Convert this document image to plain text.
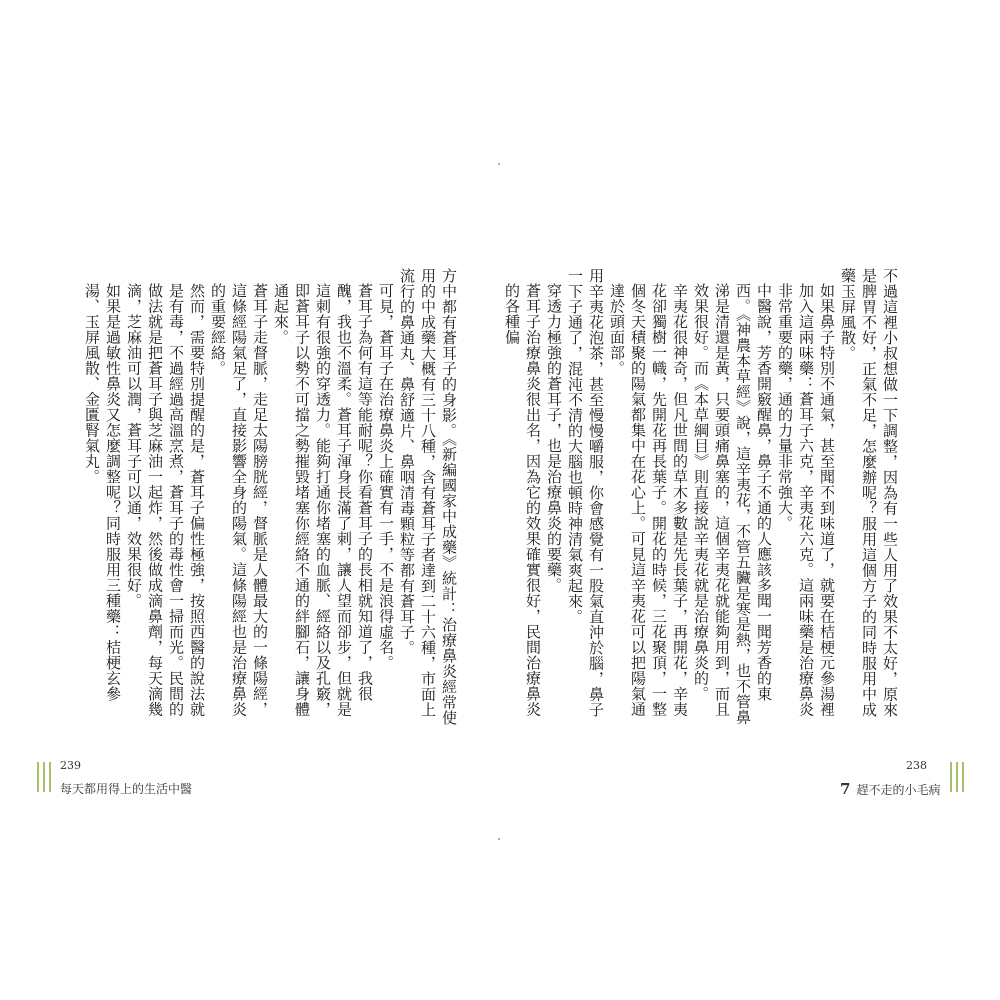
方中都有蒼耳子的身影。《新編國家中成藥》統計：治療鼻炎經常使用的中成藥大概有三十八種，含有蒼耳子者達到二十六種，市面上流行的鼻通丸、鼻舒適片、鼻咽清毒顆粒等都有蒼耳子。

可見，蒼耳子在治療鼻炎上確實有一手，不是浪得虛名。

蒼耳子為何有這等能耐呢？你看蒼耳子的長相就知道了，我很醜，我也不溫柔。蒼耳子渾身長滿了刺，讓人望而卻步，但就是這刺有很強的穿透力。能夠打通你堵塞的血脈、經絡以及孔竅，即蒼耳子以勢不可擋之勢摧毀堵塞你經絡不通的絆腳石，讓身體通起來。

蒼耳子走督脈，走足太陽膀胱經，督脈是人體最大的一條陽經，這條經陽氣足了，直接影響全身的陽氣。這條陽經也是治療鼻炎的重要經絡。

然而，需要特別提醒的是，蒼耳子偏性極強，按照西醫的說法就是有毒，不過經過高溫烹煮，蒼耳子的毒性會一掃而光。民間的做法就是把蒼耳子與芝麻油一起炸，然後做成滴鼻劑，每天滴幾滴，芝麻油可以潤，蒼耳子可以通，效果很好。

如果是過敏性鼻炎又怎麼調整呢？同時服用三種藥：桔梗玄參湯、玉屏風散、金匱腎氣丸。

239
每天都用得上的生活中醫

不過這裡小叔想做一下調整，因為有一些人用了效果不太好，原來是脾胃不好，正氣不足，怎麼辦呢？服用這個方子的同時服用中成藥玉屏風散。

如果鼻子特別不通氣，甚至聞不到味道了，就要在桔梗元參湯裡加入這兩味藥：蒼耳子六克，辛夷花六克。這兩味藥是治療鼻炎非常重要的藥，通的力量非常強大。

中醫說，芳香開竅醒鼻，鼻子不通的人應該多聞一聞芳香的東西。《神農本草經》說，這辛夷花，不管五臟是寒是熱，也不管鼻涕是清還是黃，只要頭痛鼻塞的，這個辛夷花就能夠用到，而且效果很好。而《本草綱目》則直接說辛夷花就是治療鼻炎的。

辛夷花很神奇，但凡世間的草木多數是先長葉子，再開花，辛夷花卻獨樹一幟，先開花再長葉子。開花的時候，三花聚頂，一整個冬天積聚的陽氣都集中在花心上。可見這辛夷花可以把陽氣通達於頭面部。

用辛夷花泡茶，甚至慢慢嚼服，你會感覺有一股氣直沖於腦，鼻子一下子通了，混沌不清的大腦也頓時神清氣爽起來。

穿透力極強的蒼耳子，也是治療鼻炎的要藥。

蒼耳子治療鼻炎很出名，因為它的效果確實很好，民間治療鼻炎的各種偏

238
7 趕不走的小毛病
